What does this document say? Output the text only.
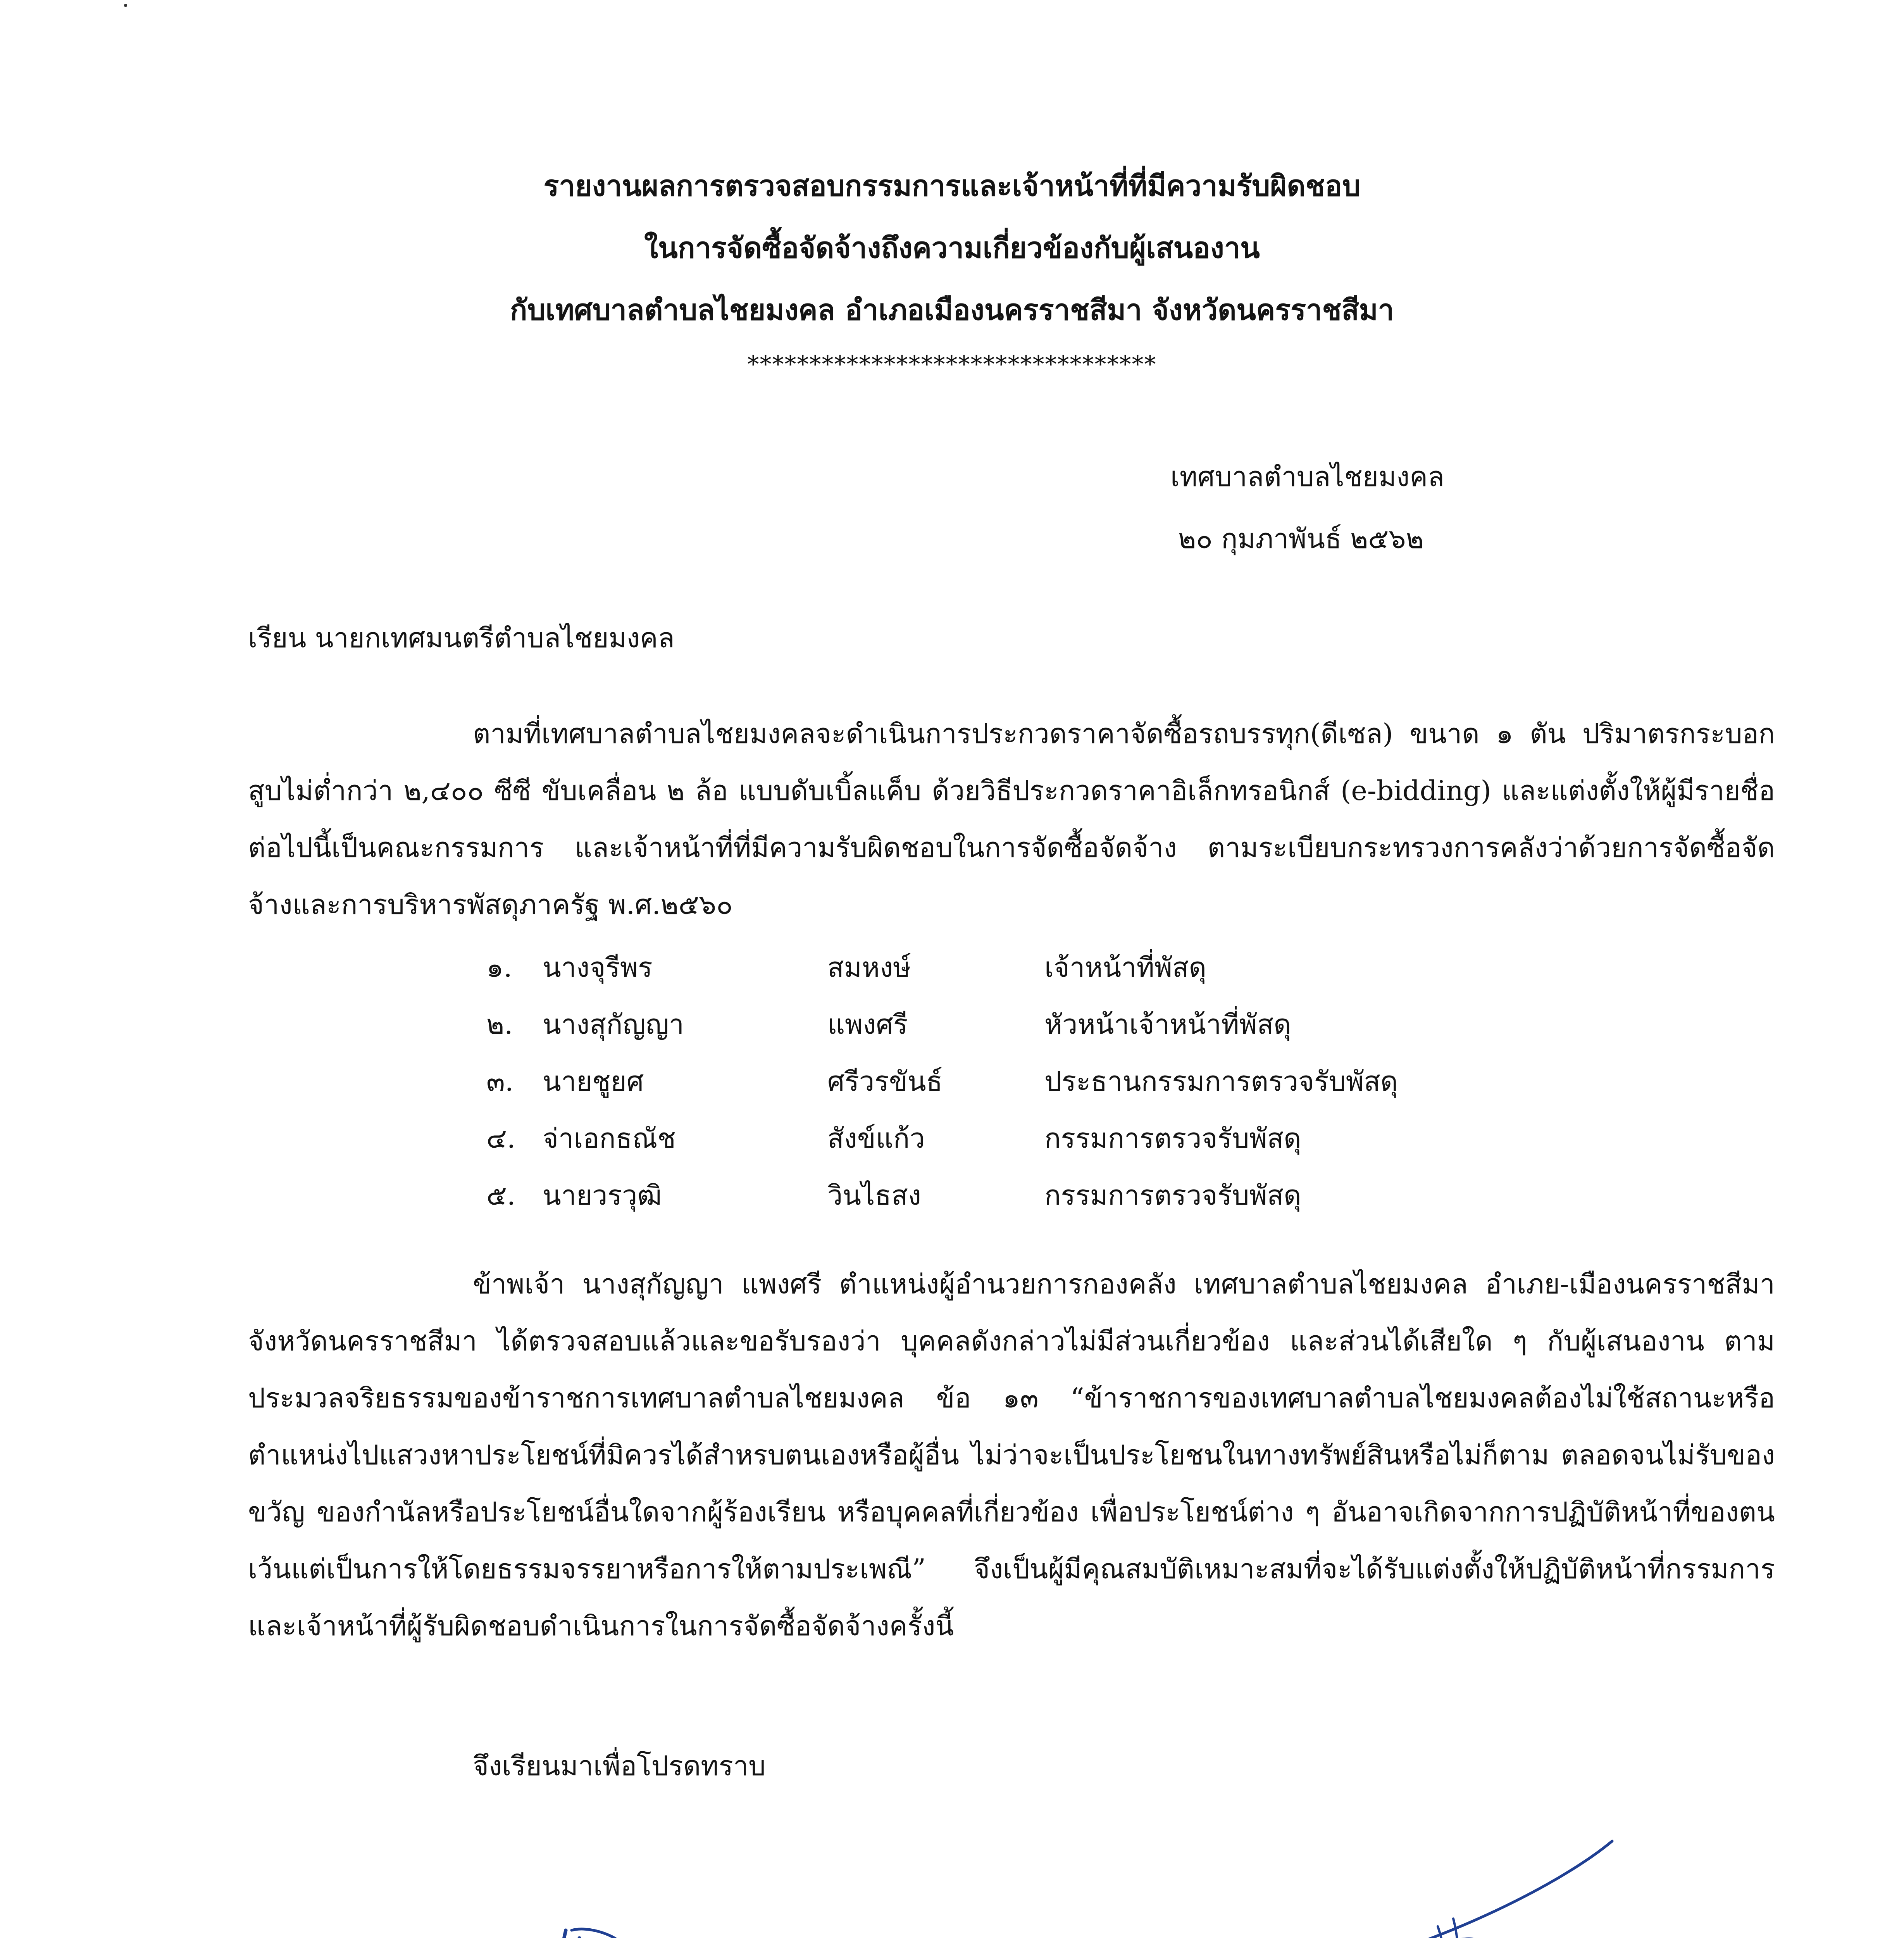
รายงานผลการตรวจสอบกรรมการและเจ้าหน้าที่ที่มีความรับผิดชอบ
ในการจัดซื้อจัดจ้างถึงความเกี่ยวข้องกับผู้เสนองาน
กับเทศบาลตำบลไชยมงคล อำเภอเมืองนครราชสีมา จังหวัดนครราชสีมา
*********************************
เทศบาลตำบลไชยมงคล
๒๐ กุมภาพันธ์ ๒๕๖๒
เรียน นายกเทศมนตรีตำบลไชยมงคล
ตามที่เทศบาลตำบลไชยมงคลจะดำเนินการประกวดราคาจัดซื้อรถบรรทุก(ดีเซล) ขนาด ๑ ตัน ปริมาตรกระบอกสูบไม่ต่ำกว่า ๒,๔๐๐ ซีซี ขับเคลื่อน ๒ ล้อ แบบดับเบิ้ลแค็บ ด้วยวิธีประกวดราคาอิเล็กทรอนิกส์ (e-bidding) และแต่งตั้งให้ผู้มีรายชื่อต่อไปนี้เป็นคณะกรรมการ และเจ้าหน้าที่ที่มีความรับผิดชอบในการจัดซื้อจัดจ้าง ตามระเบียบกระทรวงการคลังว่าด้วยการจัดซื้อจัดจ้างและการบริหารพัสดุภาครัฐ พ.ศ.๒๕๖๐
๑. นางจุรีพร	สมหงษ์	เจ้าหน้าที่พัสดุ
๒. นางสุกัญญา	แพงศรี	หัวหน้าเจ้าหน้าที่พัสดุ
๓. นายชูยศ	ศรีวรขันธ์	ประธานกรรมการตรวจรับพัสดุ
๔. จ่าเอกธณัช	สังข์แก้ว	กรรมการตรวจรับพัสดุ
๕. นายวรวุฒิ	วินไธสง	กรรมการตรวจรับพัสดุ
ข้าพเจ้า นางสุกัญญา แพงศรี ตำแหน่งผู้อำนวยการกองคลัง เทศบาลตำบลไชยมงคล อำเภย-เมืองนครราชสีมา จังหวัดนครราชสีมา ได้ตรวจสอบแล้วและขอรับรองว่า บุคคลดังกล่าวไม่มีส่วนเกี่ยวข้อง และส่วนได้เสียใด ๆ กับผู้เสนองาน ตามประมวลจริยธรรมของข้าราชการเทศบาลตำบลไชยมงคล ข้อ ๑๓ “ข้าราชการของเทศบาลตำบลไชยมงคลต้องไม่ใช้สถานะหรือตำแหน่งไปแสวงหาประโยชน์ที่มิควรได้สำหรบตนเองหรือผู้อื่น ไม่ว่าจะเป็นประโยชนในทางทรัพย์สินหรือไม่ก็ตาม ตลอดจนไม่รับของขวัญ ของกำนัลหรือประโยชน์อื่นใดจากผู้ร้องเรียน หรือบุคคลที่เกี่ยวข้อง เพื่อประโยชน์ต่าง ๆ อันอาจเกิดจากการปฏิบัติหน้าที่ของตน เว้นแต่เป็นการให้โดยธรรมจรรยาหรือการให้ตามประเพณี” จึงเป็นผู้มีคุณสมบัติเหมาะสมที่จะได้รับแต่งตั้งให้ปฏิบัติหน้าที่กรรมการและเจ้าหน้าที่ผู้รับผิดชอบดำเนินการในการจัดซื้อจัดจ้างครั้งนี้
จึงเรียนมาเพื่อโปรดทราบ
